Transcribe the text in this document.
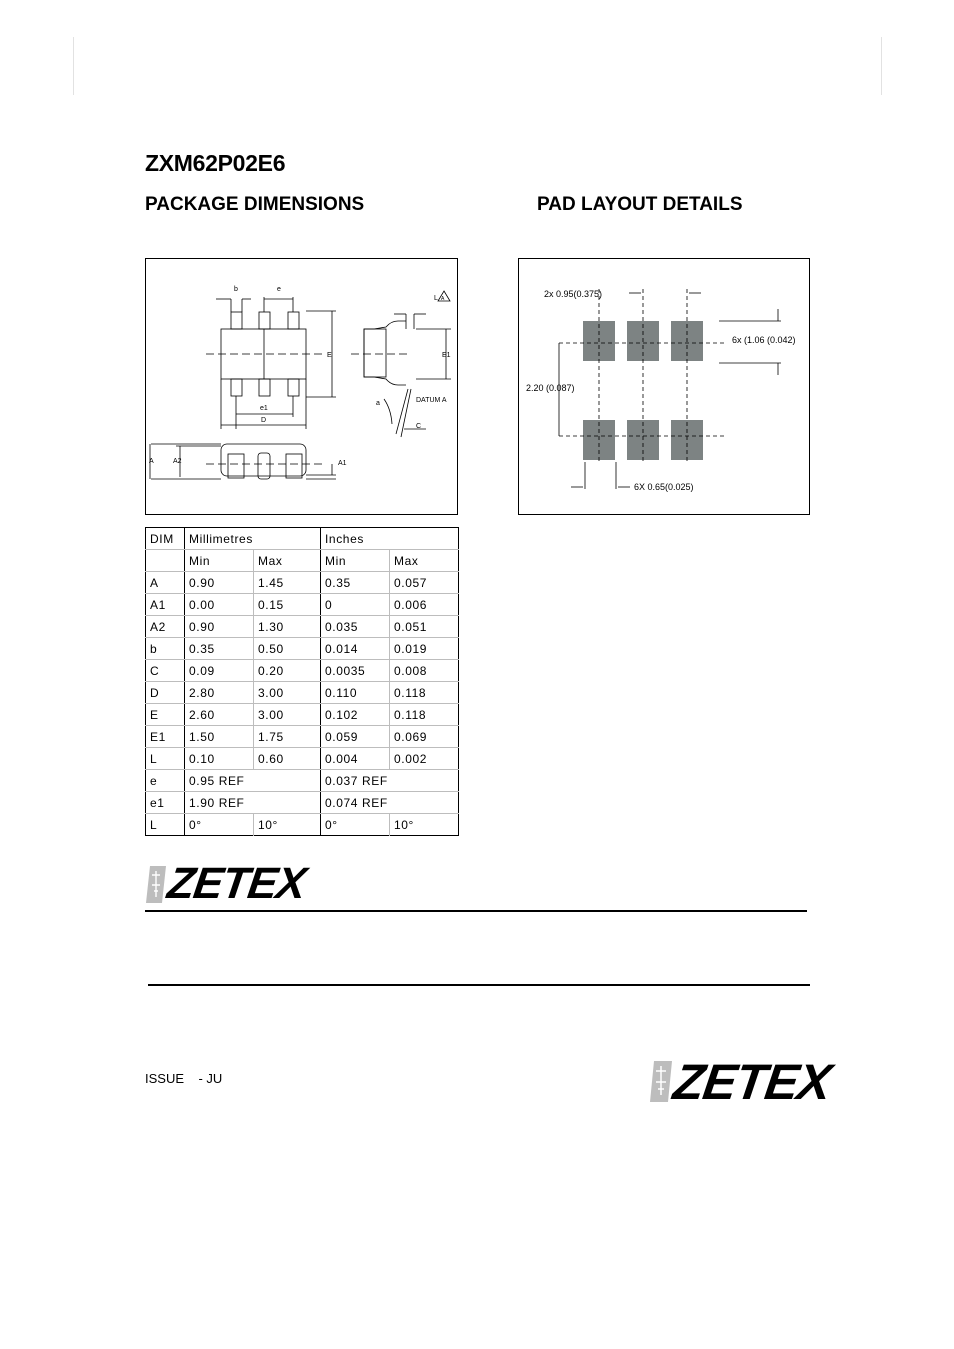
ZXM62P02E6
PACKAGE DIMENSIONS	PAD LAYOUT DETAILS
b	e
E	E1
e1
D
L A
a	DATUM A
C
A	A2	A1
2x 0.95(0.375)
6x (1.06 (0.042)
2.20 (0.087)
6X 0.65(0.025)
DIM	Millimetres		Inches	
	Min	Max	Min	Max
A	0.90	1.45	0.35	0.057
A1	0.00	0.15	0	0.006
A2	0.90	1.30	0.035	0.051
b	0.35	0.50	0.014	0.019
C	0.09	0.20	0.0035	0.008
D	2.80	3.00	0.110	0.118
E	2.60	3.00	0.102	0.118
E1	1.50	1.75	0.059	0.069
L	0.10	0.60	0.004	0.002
e	0.95 REF		0.037 REF	
e1	1.90 REF		0.074 REF	
L	0°	10°	0°	10°
ZETEX
ISSUE - JU	ZETEX
